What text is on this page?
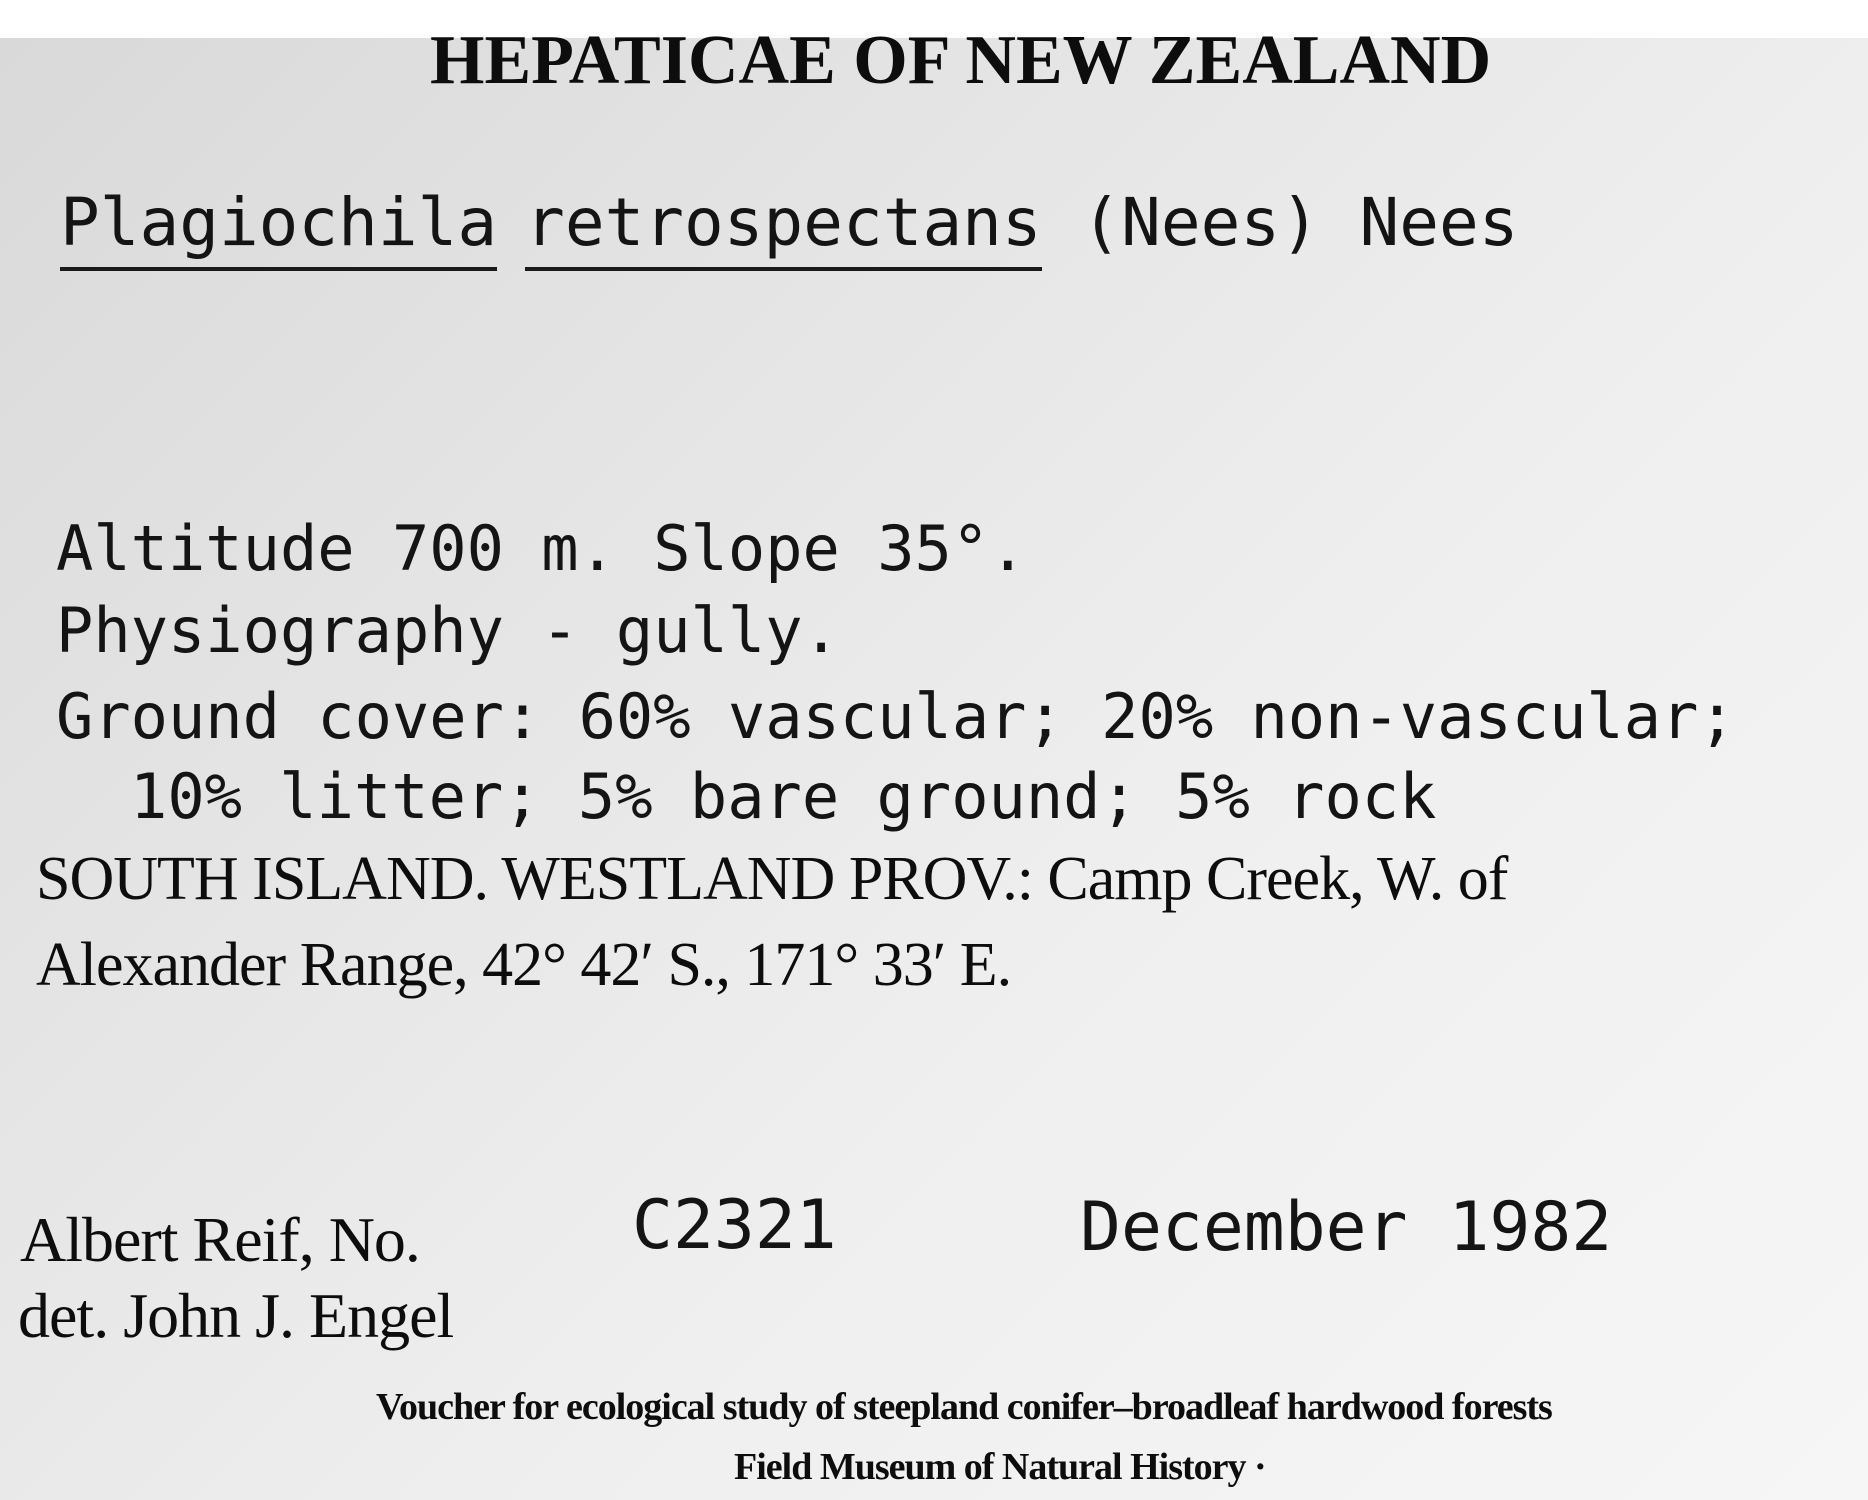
HEPATICAE OF NEW ZEALAND
Plagiochila retrospectans (Nees) Nees
Altitude 700 m. Slope 35°.
Physiography - gully.
Ground cover: 60% vascular; 20% non-vascular;
10% litter; 5% bare ground; 5% rock
SOUTH ISLAND. WESTLAND PROV.: Camp Creek, W. of
Alexander Range, 42° 42′ S., 171° 33′ E.
Albert Reif, No.	C2321	December 1982
det. John J. Engel
Voucher for ecological study of steepland conifer–broadleaf hardwood forests
Field Museum of Natural History ·
